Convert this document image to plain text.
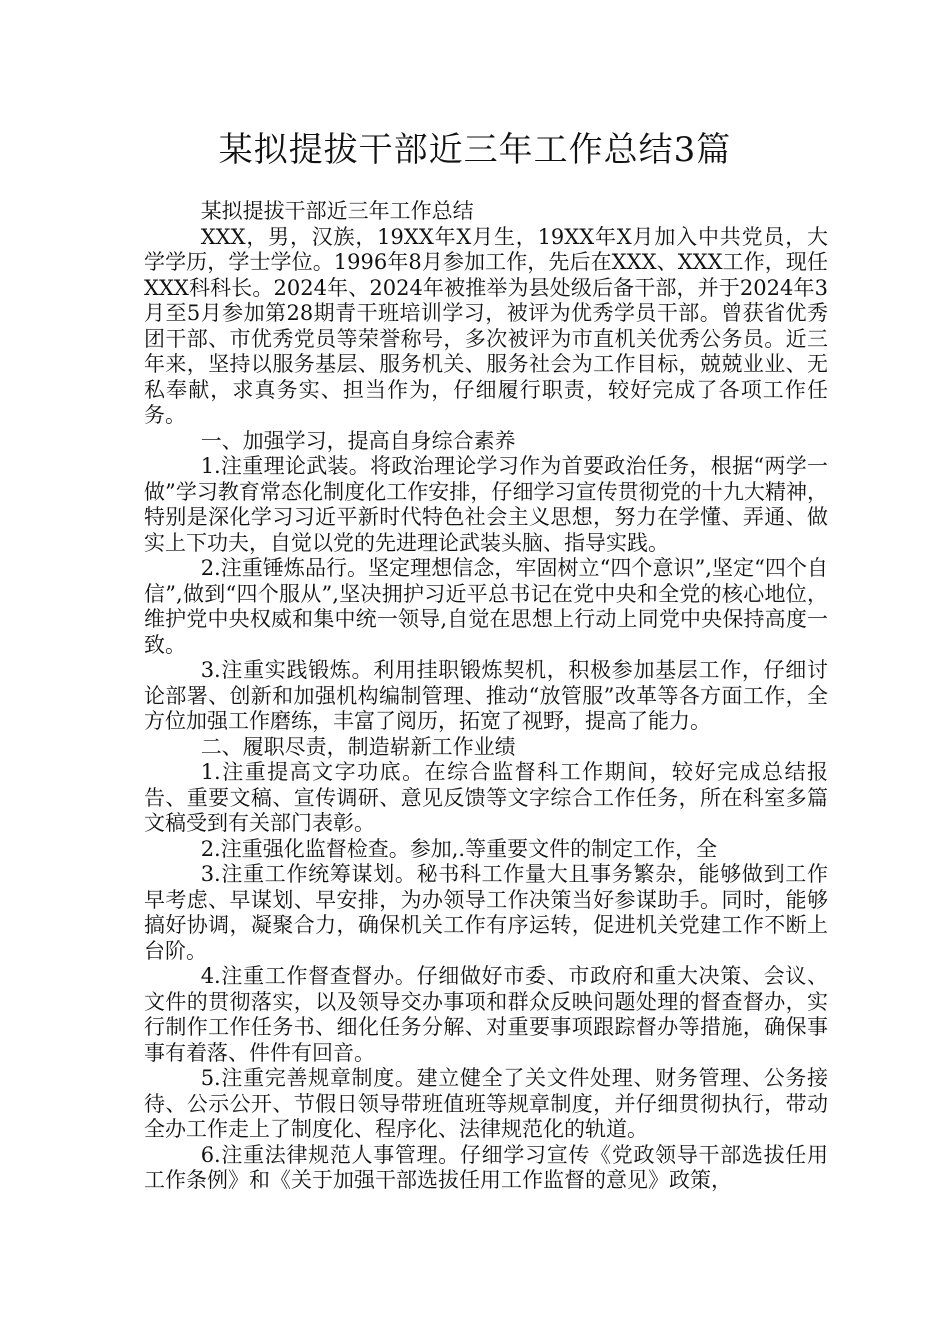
某拟提拔干部近三年工作总结3篇

某拟提拔干部近三年工作总结

XXX，男，汉族，19XX年X月生，19XX年X月加入中共党员，大学学历，学士学位。1996年8月参加工作，先后在XXX、XXX工作，现任XXX科科长。2024年、2024年被推举为县处级后备干部，并于2024年3月至5月参加第28期青干班培训学习，被评为优秀学员干部。曾获省优秀团干部、市优秀党员等荣誉称号，多次被评为市直机关优秀公务员。近三年来，坚持以服务基层、服务机关、服务社会为工作目标，兢兢业业、无私奉献，求真务实、担当作为，仔细履行职责，较好完成了各项工作任务。

一、加强学习，提高自身综合素养

1.注重理论武装。将政治理论学习作为首要政治任务，根据“两学一做”学习教育常态化制度化工作安排，仔细学习宣传贯彻党的十九大精神，特别是深化学习习近平新时代特色社会主义思想，努力在学懂、弄通、做实上下功夫，自觉以党的先进理论武装头脑、指导实践。

2.注重锤炼品行。坚定理想信念，牢固树立“四个意识”,坚定“四个自信”,做到“四个服从”,坚决拥护习近平总书记在党中央和全党的核心地位，维护党中央权威和集中统一领导,自觉在思想上行动上同党中央保持高度一致。

3.注重实践锻炼。利用挂职锻炼契机，积极参加基层工作，仔细讨论部署、创新和加强机构编制管理、推动“放管服”改革等各方面工作，全方位加强工作磨练，丰富了阅历，拓宽了视野，提高了能力。

二、履职尽责，制造崭新工作业绩

1.注重提高文字功底。在综合监督科工作期间，较好完成总结报告、重要文稿、宣传调研、意见反馈等文字综合工作任务，所在科室多篇文稿受到有关部门表彰。

2.注重强化监督检查。参加,.等重要文件的制定工作，全

3.注重工作统筹谋划。秘书科工作量大且事务繁杂，能够做到工作早考虑、早谋划、早安排，为办领导工作决策当好参谋助手。同时，能够搞好协调，凝聚合力，确保机关工作有序运转，促进机关党建工作不断上台阶。

4.注重工作督查督办。仔细做好市委、市政府和重大决策、会议、文件的贯彻落实，以及领导交办事项和群众反映问题处理的督查督办，实行制作工作任务书、细化任务分解、对重要事项跟踪督办等措施，确保事事有着落、件件有回音。

5.注重完善规章制度。建立健全了关文件处理、财务管理、公务接待、公示公开、节假日领导带班值班等规章制度，并仔细贯彻执行，带动全办工作走上了制度化、程序化、法律规范化的轨道。

6.注重法律规范人事管理。仔细学习宣传《党政领导干部选拔任用工作条例》和《关于加强干部选拔任用工作监督的意见》政策，
